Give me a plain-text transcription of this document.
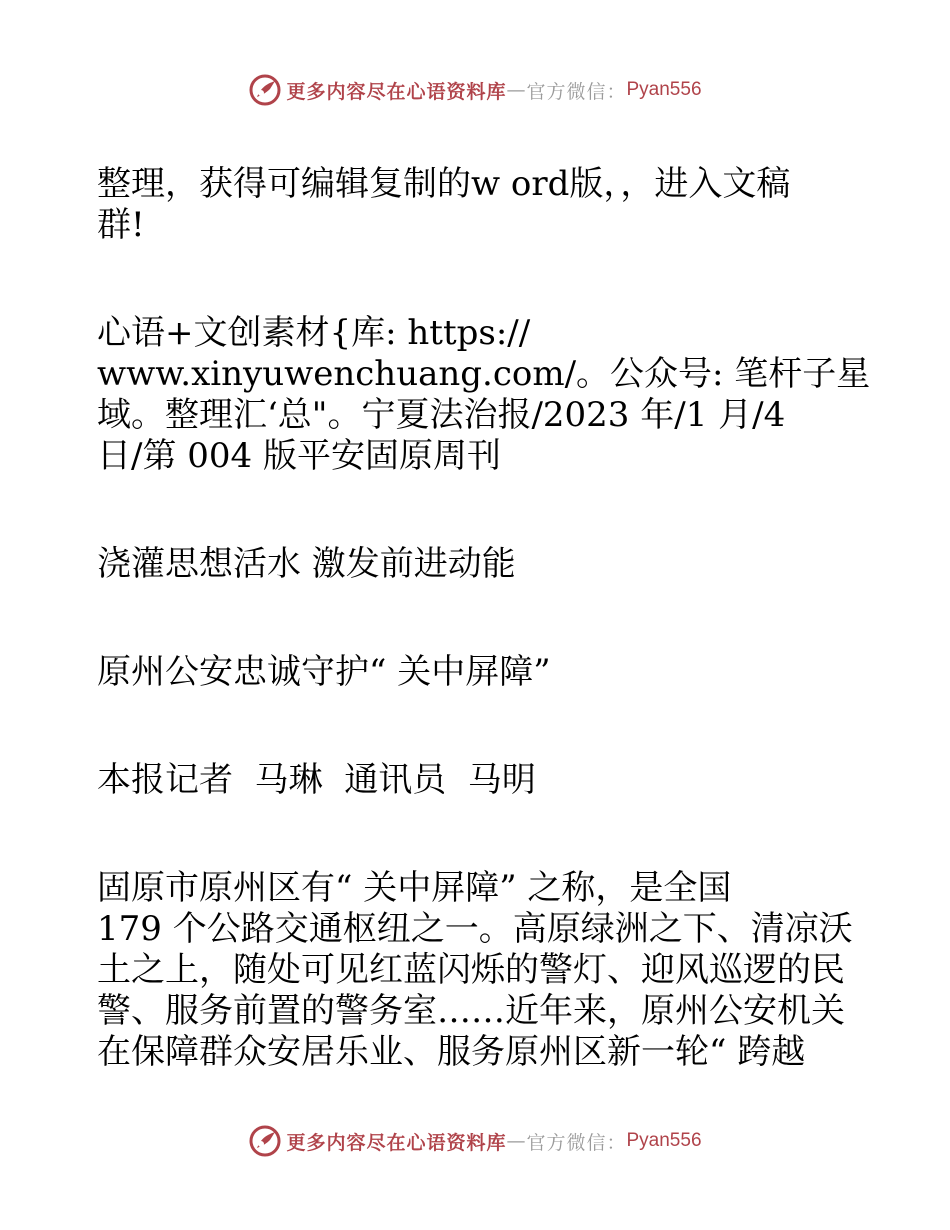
更多内容尽在心语资料库 — 官方微信： Pyan556

整理，获得可编辑复制的w ord版，，进入文稿
群!

心语+文创素材{库: https://
www.xinyuwenchuang.com/。公众号: 笔杆子星
域。整理汇‘总"。宁夏法治报/2023 年/1 月/4
日/第 004 版平安固原周刊

浇灌思想活水 激发前进动能

原州公安忠诚守护“ 关中屏障”

本报记者  马琳  通讯员  马明

固原市原州区有“ 关中屏障” 之称，是全国
179 个公路交通枢纽之一。高原绿洲之下、清凉沃
土之上，随处可见红蓝闪烁的警灯、迎风巡逻的民
警、服务前置的警务室……近年来，原州公安机关
在保障群众安居乐业、服务原州区新一轮“ 跨越

更多内容尽在心语资料库 — 官方微信： Pyan556
